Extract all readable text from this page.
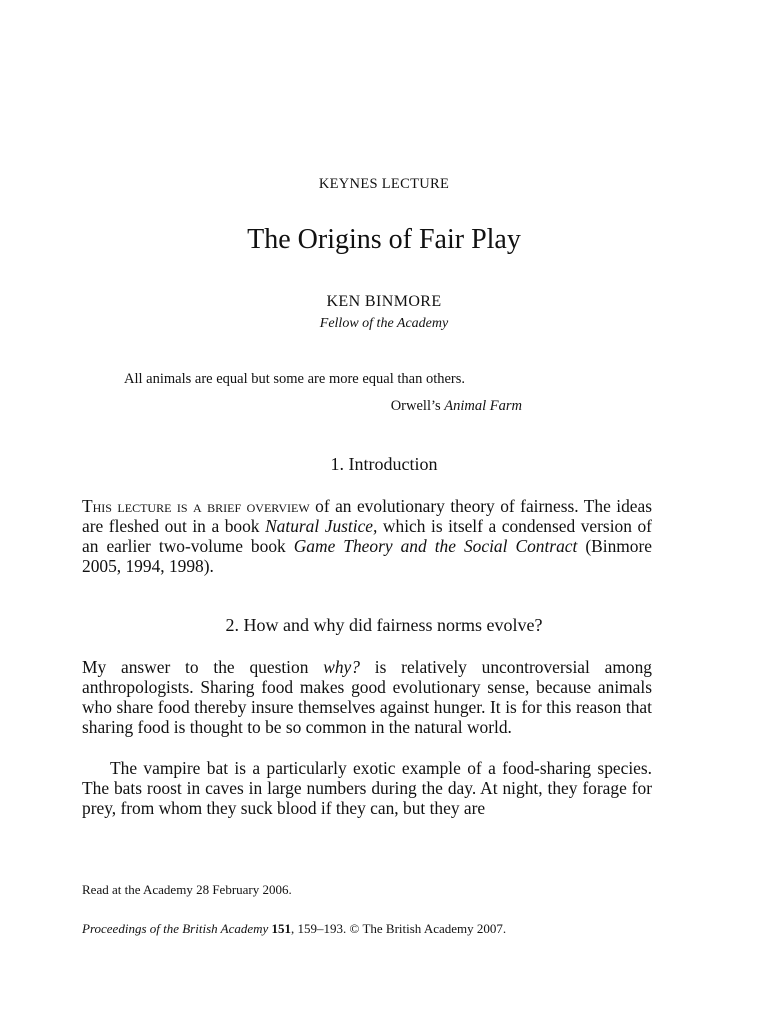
KEYNES LECTURE
The Origins of Fair Play
KEN BINMORE
Fellow of the Academy
All animals are equal but some are more equal than others.
Orwell’s Animal Farm
1. Introduction
This lecture is a brief overview of an evolutionary theory of fairness. The ideas are fleshed out in a book Natural Justice, which is itself a condensed version of an earlier two-volume book Game Theory and the Social Contract (Binmore 2005, 1994, 1998).
2. How and why did fairness norms evolve?
My answer to the question why? is relatively uncontroversial among anthropologists. Sharing food makes good evolutionary sense, because animals who share food thereby insure themselves against hunger. It is for this reason that sharing food is thought to be so common in the natural world.
The vampire bat is a particularly exotic example of a food-sharing species. The bats roost in caves in large numbers during the day. At night, they forage for prey, from whom they suck blood if they can, but they are
Read at the Academy 28 February 2006.
Proceedings of the British Academy 151, 159–193. © The British Academy 2007.
